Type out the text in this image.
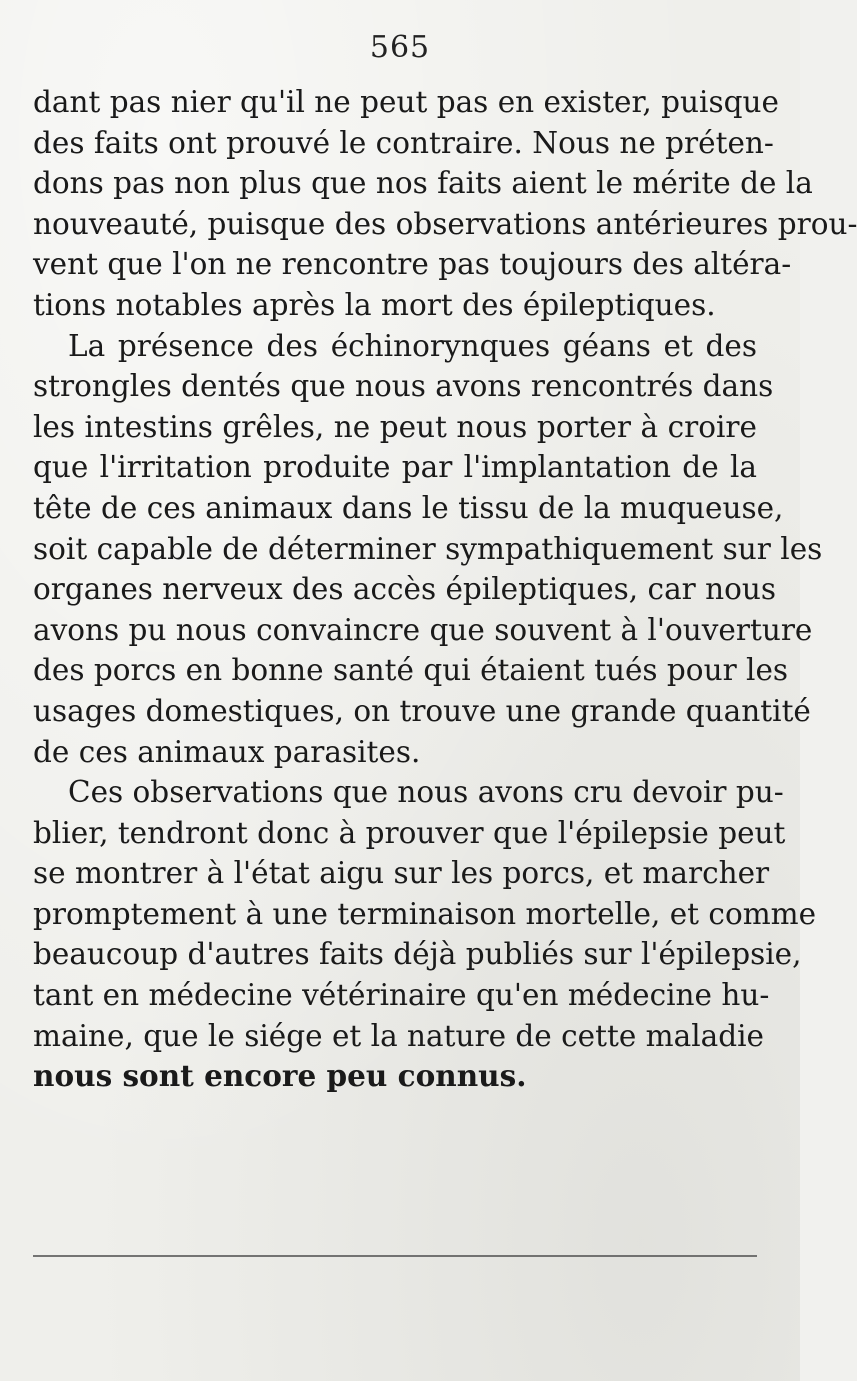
565
dant pas nier qu'il ne peut pas en exister, puisque
des faits ont prouvé le contraire. Nous ne préten-
dons pas non plus que nos faits aient le mérite de la
nouveauté, puisque des observations antérieures prou-
vent que l'on ne rencontre pas toujours des altéra-
tions notables après la mort des épileptiques.
La présence des échinorynques géans et des
strongles dentés que nous avons rencontrés dans
les intestins grêles, ne peut nous porter à croire
que l'irritation produite par l'implantation de la
tête de ces animaux dans le tissu de la muqueuse,
soit capable de déterminer sympathiquement sur les
organes nerveux des accès épileptiques, car nous
avons pu nous convaincre que souvent à l'ouverture
des porcs en bonne santé qui étaient tués pour les
usages domestiques, on trouve une grande quantité
de ces animaux parasites.
Ces observations que nous avons cru devoir pu-
blier, tendront donc à prouver que l'épilepsie peut
se montrer à l'état aigu sur les porcs, et marcher
promptement à une terminaison mortelle, et comme
beaucoup d'autres faits déjà publiés sur l'épilepsie,
tant en médecine vétérinaire qu'en médecine hu-
maine, que le siége et la nature de cette maladie
nous sont encore peu connus.
